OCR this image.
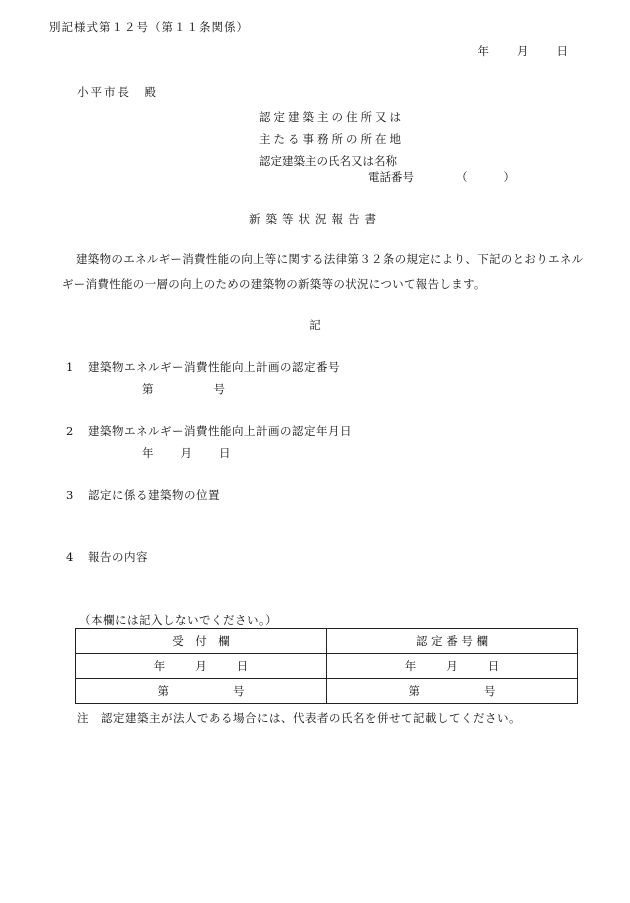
別記様式第１２号（第１１条関係）
年 月 日
小平市長　殿
認定建築主の住所又は
主たる事務所の所在地
認定建築主の氏名又は名称
電話番号	（	）
新築等状況報告書
建築物のエネルギー消費性能の向上等に関する法律第３２条の規定により、下記のとおりエネルギー消費性能の一層の向上のための建築物の新築等の状況について報告します。
記
1 建築物エネルギー消費性能向上計画の認定番号
第	号
2 建築物エネルギー消費性能向上計画の認定年月日
年 月 日
3 認定に係る建築物の位置
4 報告の内容
（本欄には記入しないでください。）
受　付　欄	認 定 番 号 欄
年 月 日	年 月 日
第 号	第 号
注　認定建築主が法人である場合には、代表者の氏名を併せて記載してください。
